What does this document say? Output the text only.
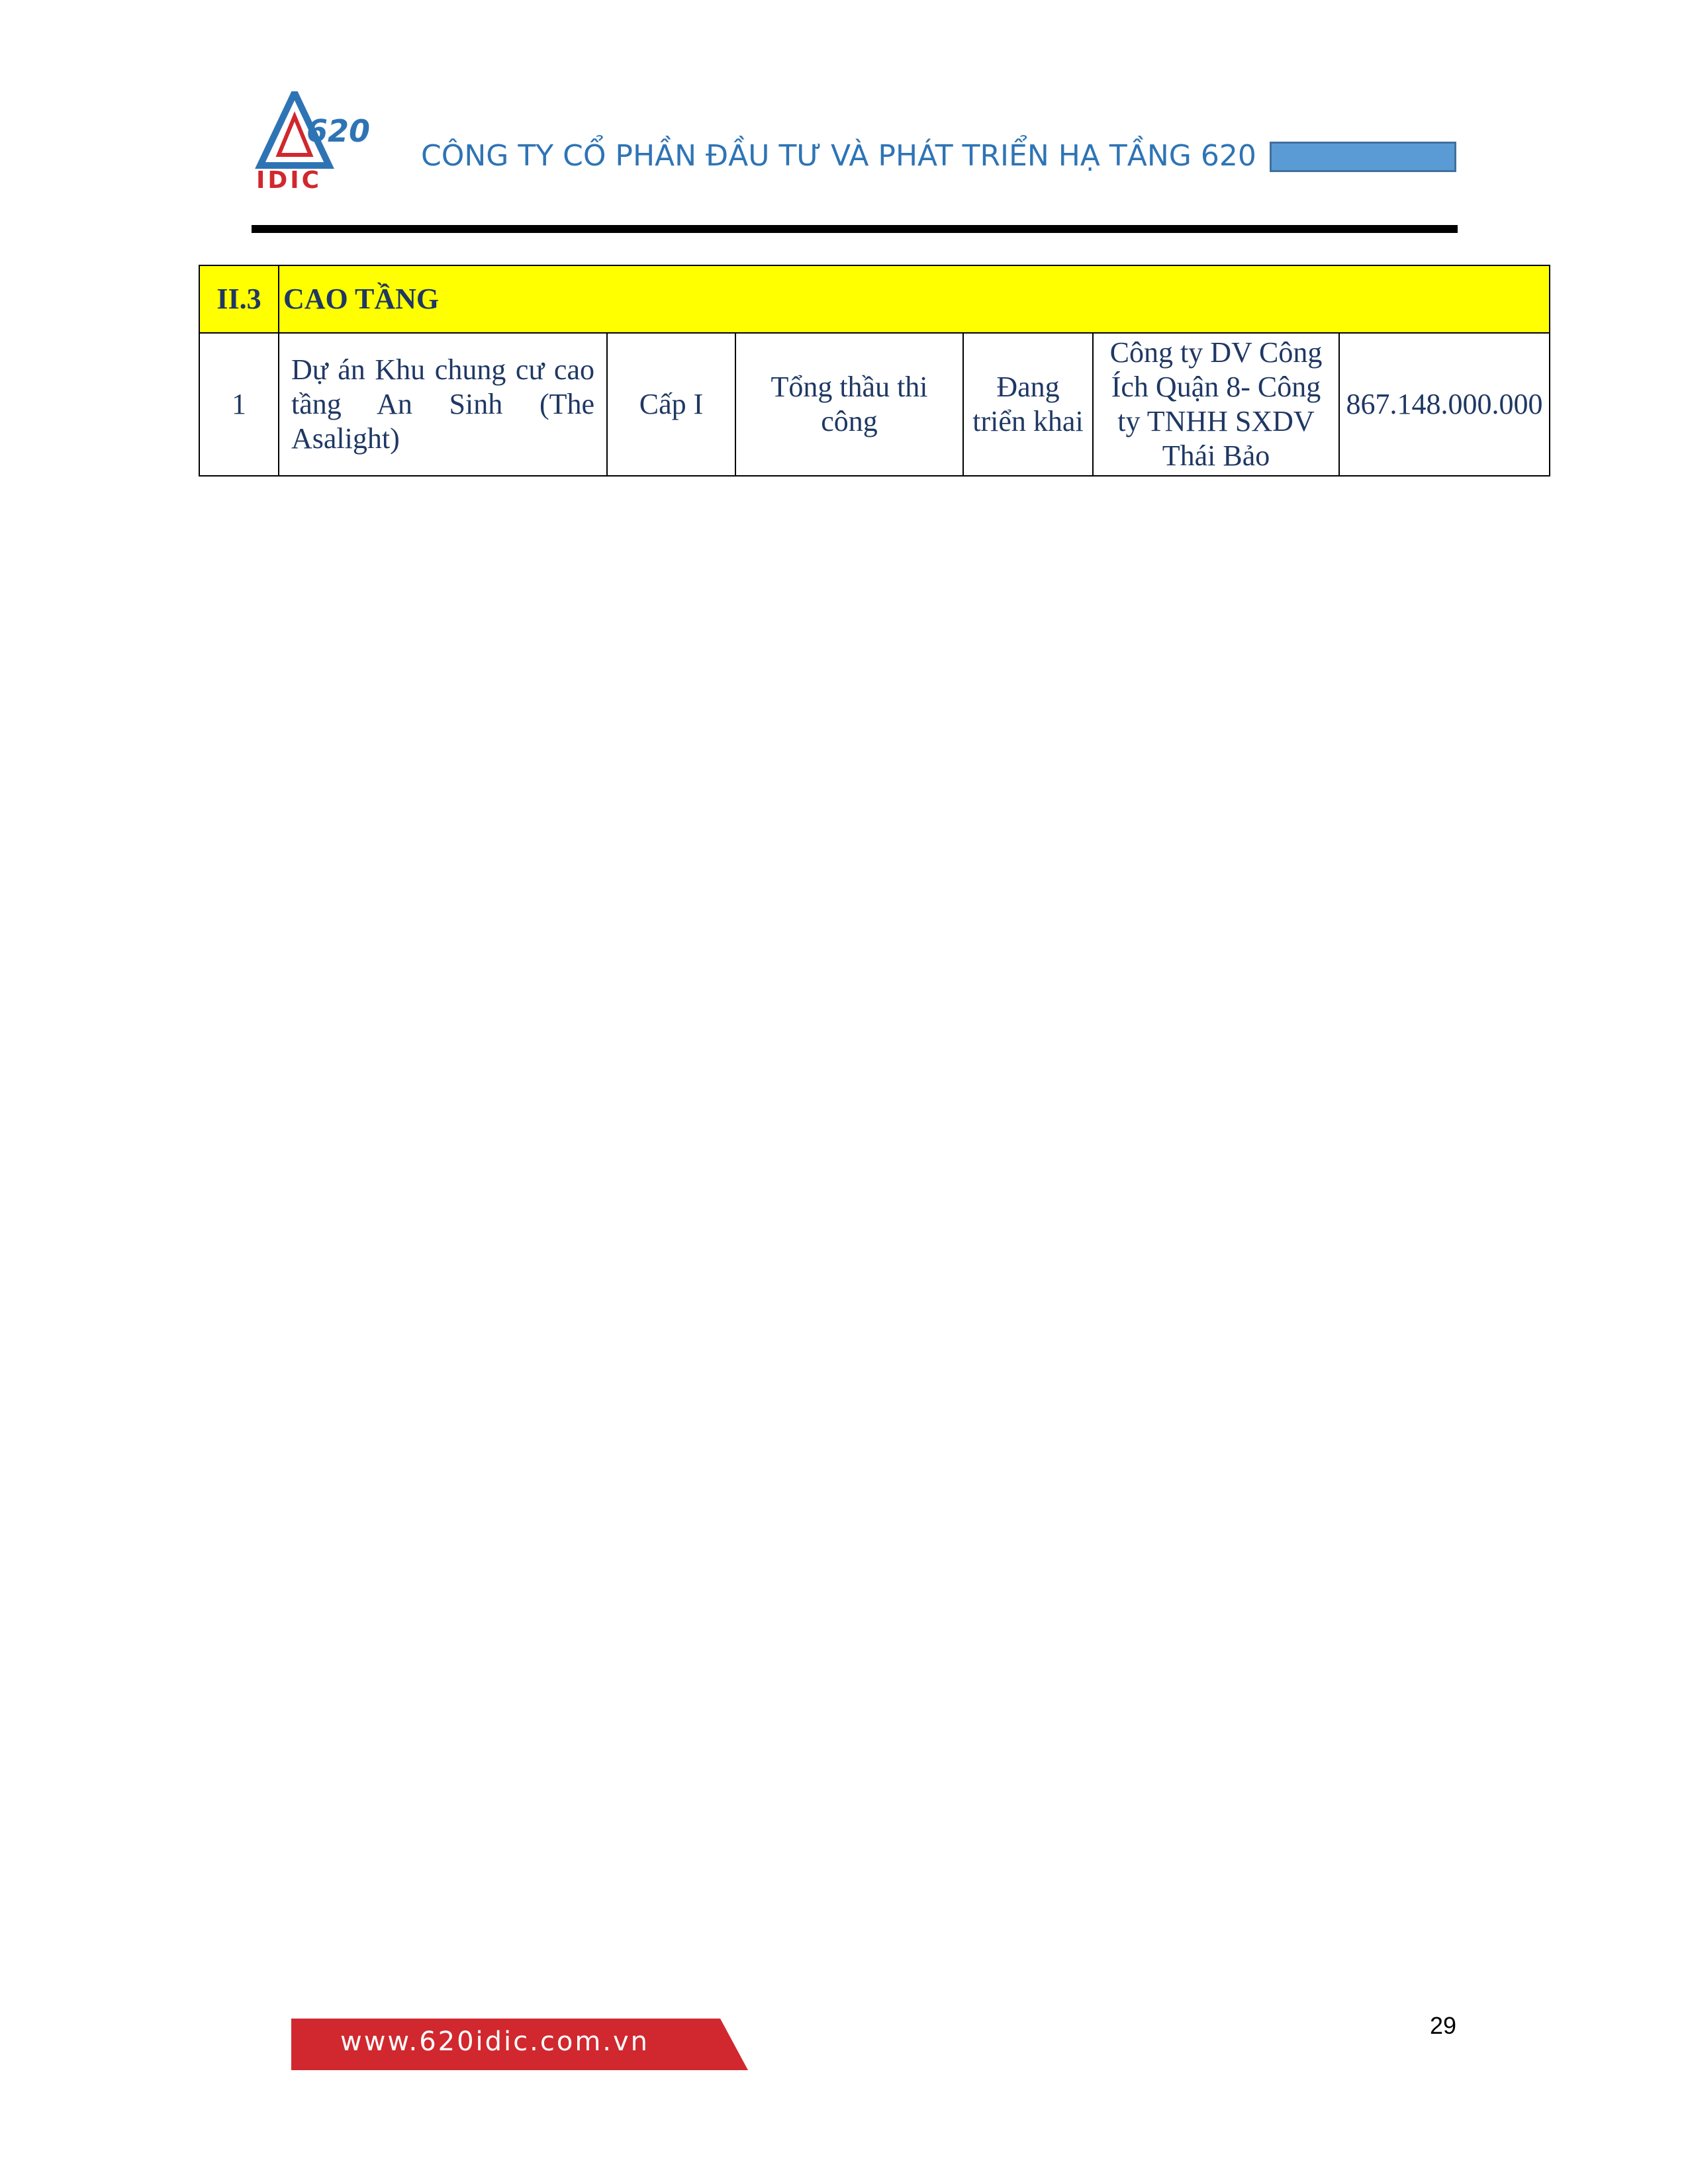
620
IDIC
CÔNG TY CỔ PHẦN ĐẦU TƯ VÀ PHÁT TRIỂN HẠ TẦNG 620
II.3	CAO TẦNG					
1	Dự án Khu chung cư cao tầng An Sinh (The Asalight)	Cấp I	Tổng thầu thi công	Đang triển khai	Công ty DV Công Ích Quận 8- Công ty TNHH SXDV Thái Bảo	867.148.000.000
www.620idic.com.vn
29
